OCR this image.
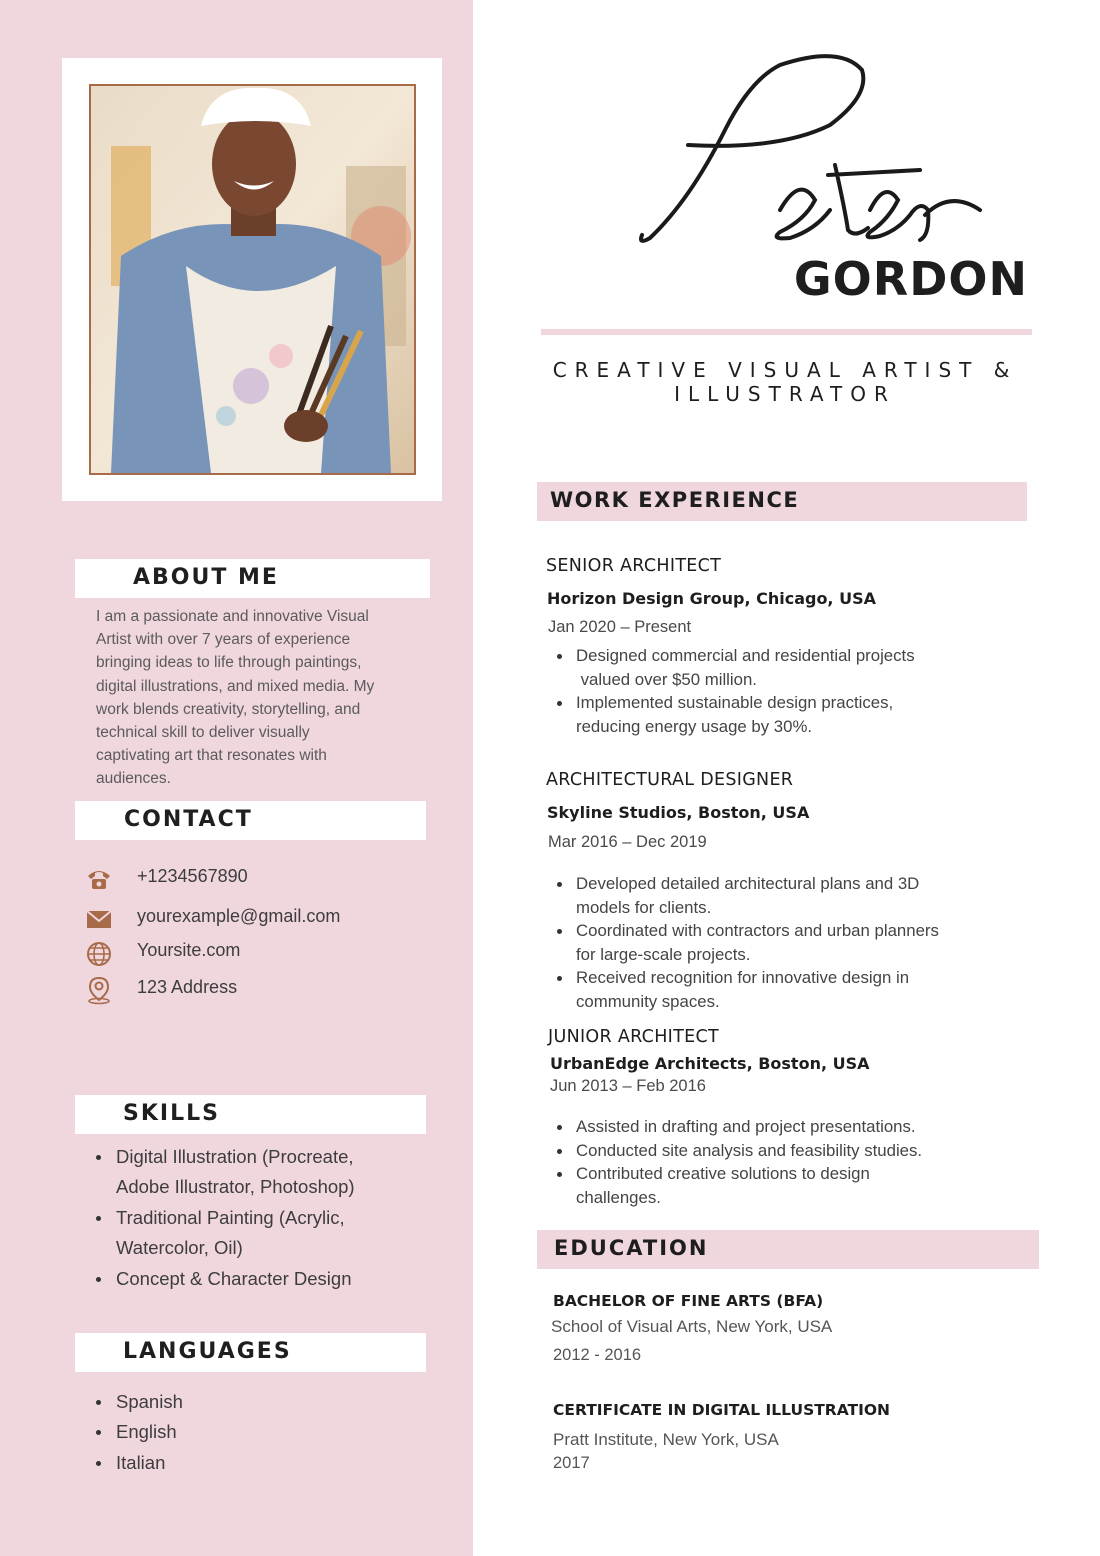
ABOUT ME
I am a passionate and innovative Visual
Artist with over 7 years of experience
bringing ideas to life through paintings,
digital illustrations, and mixed media. My
work blends creativity, storytelling, and
technical skill to deliver visually
captivating art that resonates with
audiences.
CONTACT
+1234567890
yourexample@gmail.com
Yoursite.com
123 Address
SKILLS
Digital Illustration (Procreate,
Adobe Illustrator, Photoshop)
Traditional Painting (Acrylic,
Watercolor, Oil)
Concept & Character Design
LANGUAGES
Spanish
English
Italian
GORDON
CREATIVE VISUAL ARTIST &
ILLUSTRATOR
WORK EXPERIENCE
SENIOR ARCHITECT
Horizon Design Group, Chicago, USA
Jan 2020 – Present
Designed commercial and residential projects
valued over $50 million.
Implemented sustainable design practices,
reducing energy usage by 30%.
ARCHITECTURAL DESIGNER
Skyline Studios, Boston, USA
Mar 2016 – Dec 2019
Developed detailed architectural plans and 3D
models for clients.
Coordinated with contractors and urban planners
for large-scale projects.
Received recognition for innovative design in
community spaces.
JUNIOR ARCHITECT
UrbanEdge Architects, Boston, USA
Jun 2013 – Feb 2016
Assisted in drafting and project presentations.
Conducted site analysis and feasibility studies.
Contributed creative solutions to design
challenges.
EDUCATION
BACHELOR OF FINE ARTS (BFA)
School of Visual Arts, New York, USA
2012 - 2016
CERTIFICATE IN DIGITAL ILLUSTRATION
Pratt Institute, New York, USA
2017
